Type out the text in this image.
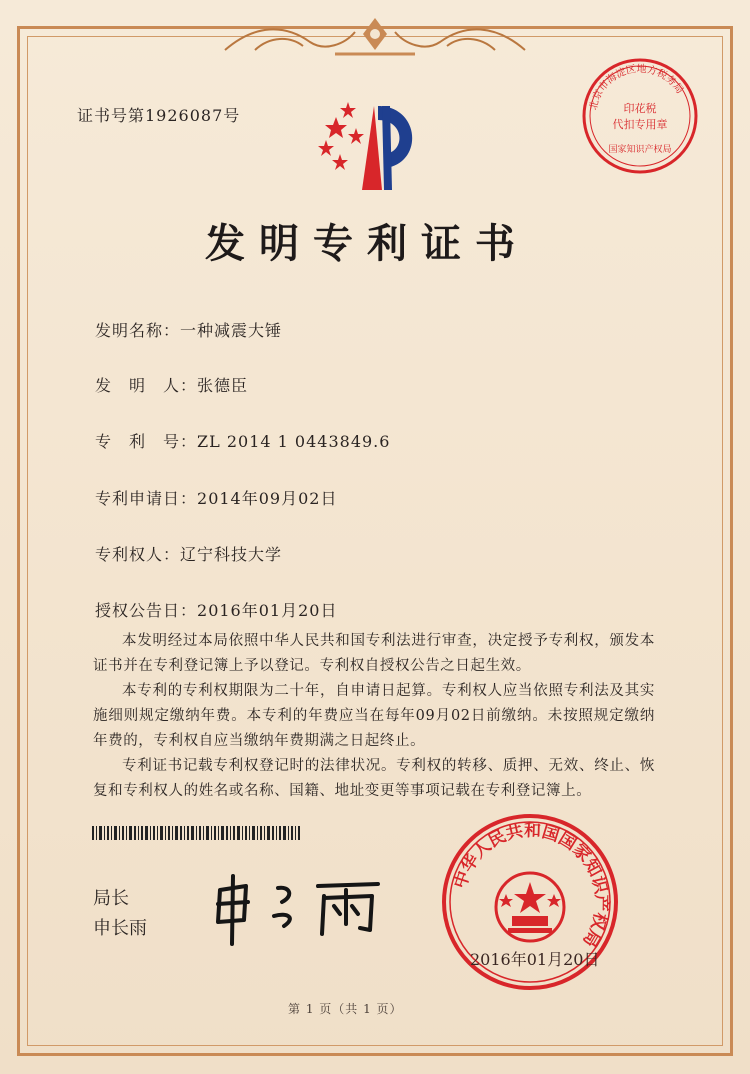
证书号第1926087号
发明专利证书
发明名称：一种减震大锤
发　明　人：张德臣
专　利　号：ZL 2014 1 0443849.6
专利申请日：2014年09月02日
专利权人：辽宁科技大学
授权公告日：2016年01月20日

本发明经过本局依照中华人民共和国专利法进行审查，决定授予专利权，颁发本证书并在专利登记簿上予以登记。专利权自授权公告之日起生效。

本专利的专利权期限为二十年，自申请日起算。专利权人应当依照专利法及其实施细则规定缴纳年费。本专利的年费应当在每年09月02日前缴纳。未按照规定缴纳年费的，专利权自应当缴纳年费期满之日起终止。

专利证书记载专利权登记时的法律状况。专利权的转移、质押、无效、终止、恢复和专利权人的姓名或名称、国籍、地址变更等事项记载在专利登记簿上。

局长
申长雨
北京市海淀区地方税务局
印花税
代扣专用章
国家知识产权局
中华人民共和国国家知识产权局
2016年01月20日
第 1 页（共 1 页）
